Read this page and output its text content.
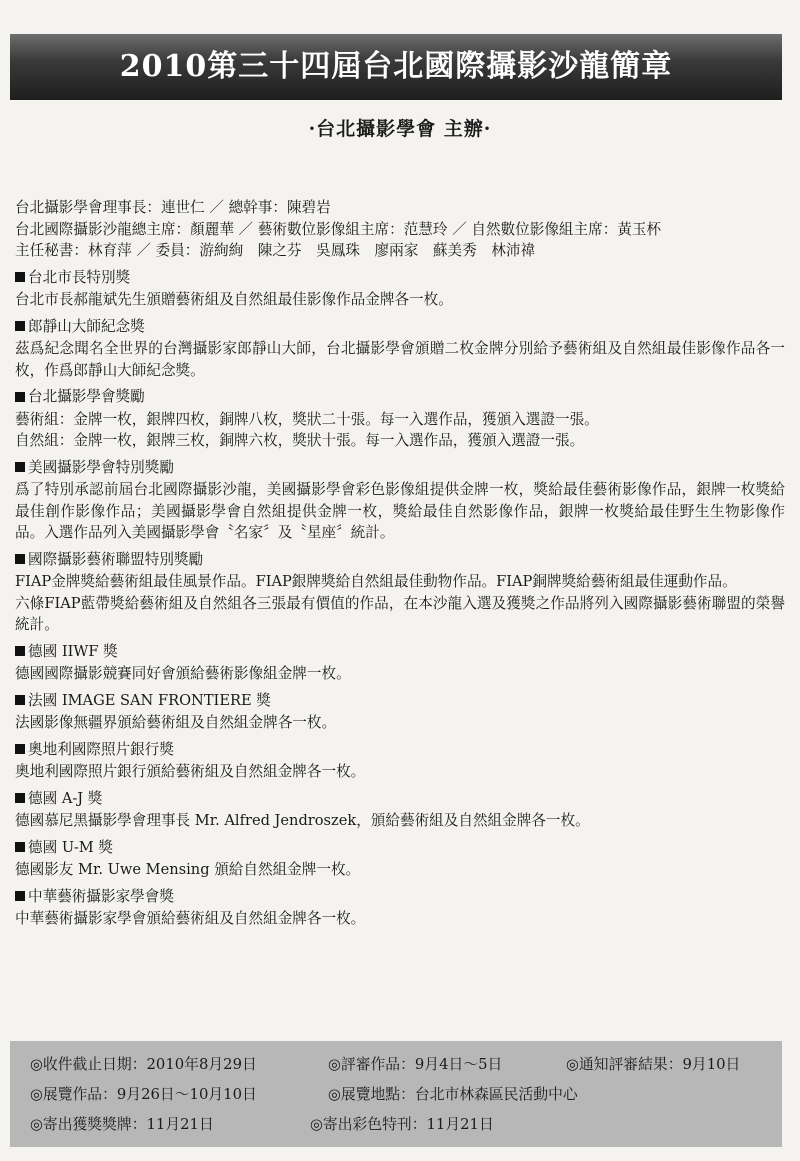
2010第三十四屆台北國際攝影沙龍簡章
·台北攝影學會 主辦·
台北攝影學會理事長：連世仁 ／ 總幹事：陳碧岩
台北國際攝影沙龍總主席：顏麗華 ／ 藝術數位影像組主席：范慧玲 ／ 自然數位影像組主席：黃玉杯
主任秘書：林育萍 ／ 委員：游絢絢　陳之芬　吳鳳珠　廖兩家　蘇美秀　林沛禕
台北市長特別獎
台北市長郝龍斌先生頒贈藝術組及自然組最佳影像作品金牌各一枚。
郎靜山大師紀念獎
茲爲紀念聞名全世界的台灣攝影家郎靜山大師，台北攝影學會頒贈二枚金牌分別給予藝術組及自然組最佳影像作品各一枚，作爲郎靜山大師紀念獎。
台北攝影學會獎勵
藝術組：金牌一枚，銀牌四枚，銅牌八枚，獎狀二十張。每一入選作品，獲頒入選證一張。
自然組：金牌一枚，銀牌三枚，銅牌六枚，獎狀十張。每一入選作品，獲頒入選證一張。
美國攝影學會特別獎勵
爲了特別承認前屆台北國際攝影沙龍，美國攝影學會彩色影像組提供金牌一枚，獎給最佳藝術影像作品，銀牌一枚獎給最佳創作影像作品；美國攝影學會自然組提供金牌一枚，獎給最佳自然影像作品，銀牌一枚獎給最佳野生生物影像作品。入選作品列入美國攝影學會〝名家〞及〝星座〞統計。
國際攝影藝術聯盟特別獎勵
FIAP金牌獎給藝術組最佳風景作品。FIAP銀牌獎給自然組最佳動物作品。FIAP銅牌獎給藝術組最佳運動作品。
六條FIAP藍帶獎給藝術組及自然組各三張最有價值的作品，在本沙龍入選及獲獎之作品將列入國際攝影藝術聯盟的榮譽統計。
德國 IIWF 獎
德國國際攝影競賽同好會頒給藝術影像組金牌一枚。
法國 IMAGE SAN FRONTIERE 獎
法國影像無疆界頒給藝術組及自然組金牌各一枚。
奧地利國際照片銀行獎
奧地利國際照片銀行頒給藝術組及自然組金牌各一枚。
德國 A-J 獎
德國慕尼黑攝影學會理事長 Mr. Alfred Jendroszek，頒給藝術組及自然組金牌各一枚。
德國 U-M 獎
德國影友 Mr. Uwe Mensing 頒給自然組金牌一枚。
中華藝術攝影家學會獎
中華藝術攝影家學會頒給藝術組及自然組金牌各一枚。
◎收件截止日期：2010年8月29日	◎評審作品：9月4日～5日	◎通知評審結果：9月10日
◎展覽作品：9月26日～10月10日	◎展覽地點：台北市林森區民活動中心
◎寄出獲獎獎牌：11月21日	◎寄出彩色特刊：11月21日
